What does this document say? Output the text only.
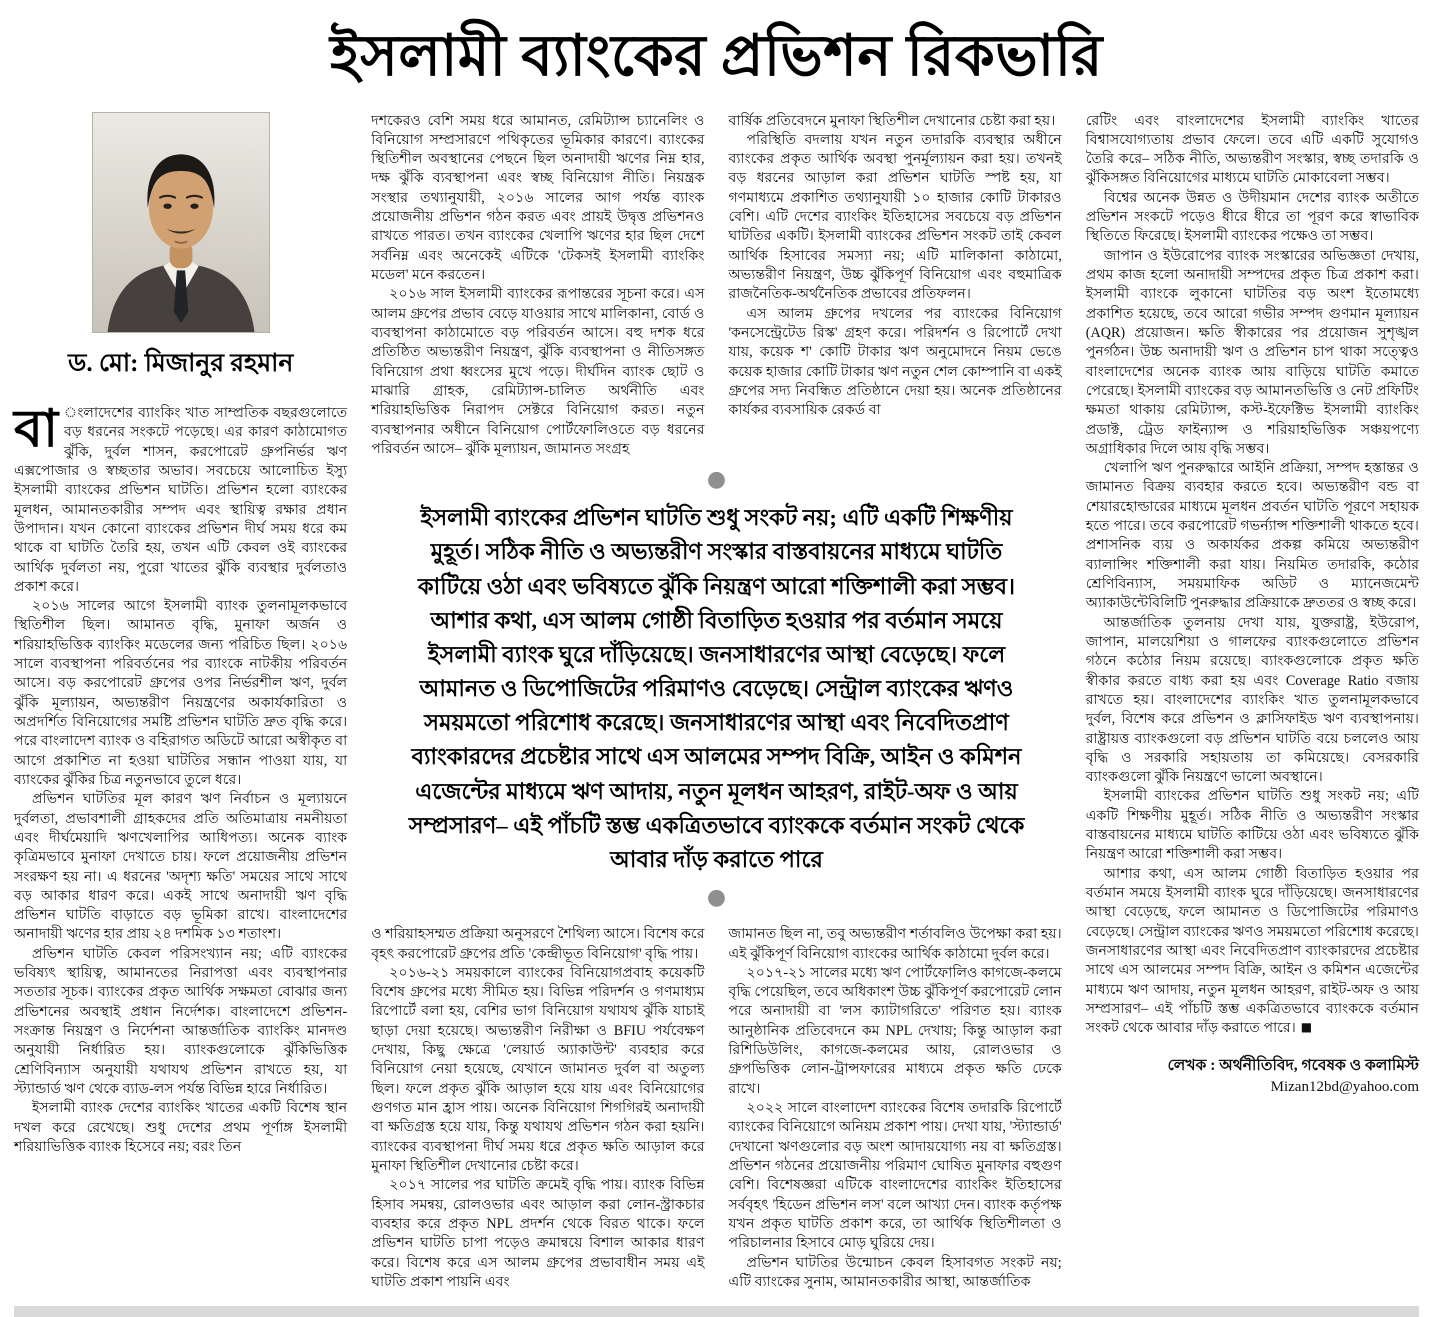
ইসলামী ব্যাংকের প্রভিশন রিকভারি
ড. মো: মিজানুর রহমান

বা ংলাদেশের ব্যাংকিং খাত সাম্প্রতিক বছরগুলোতে বড় ধরনের সংকটে পড়েছে। এর কারণ কাঠামোগত ঝুঁকি, দুর্বল শাসন, করপোরেট গ্রুপনির্ভর ঋণ এক্সপোজার ও স্বচ্ছতার অভাব। সবচেয়ে আলোচিত ইস্যু ইসলামী ব্যাংকের প্রভিশন ঘাটতি। প্রভিশন হলো ব্যাংকের মূলধন, আমানতকারীর সম্পদ এবং স্থায়িত্ব রক্ষার প্রধান উপাদান। যখন কোনো ব্যাংকের প্রভিশন দীর্ঘ সময় ধরে কম থাকে বা ঘাটতি তৈরি হয়, তখন এটি কেবল ওই ব্যাংকের আর্থিক দুর্বলতা নয়, পুরো খাতের ঝুঁকি ব্যবস্থার দুর্বলতাও প্রকাশ করে।

২০১৬ সালের আগে ইসলামী ব্যাংক তুলনামূলকভাবে স্থিতিশীল ছিল। আমানত বৃদ্ধি, মুনাফা অর্জন ও শরিয়াহভিত্তিক ব্যাংকিং মডেলের জন্য পরিচিত ছিল। ২০১৬ সালে ব্যবস্থাপনা পরিবর্তনের পর ব্যাংকে নাটকীয় পরিবর্তন আসে। বড় করপোরেট গ্রুপের ওপর নির্ভরশীল ঋণ, দুর্বল ঝুঁকি মূল্যায়ন, অভ্যন্তরীণ নিয়ন্ত্রণের অকার্যকারিতা ও অপ্রদর্শিত বিনিয়োগের সমষ্টি প্রভিশন ঘাটতি দ্রুত বৃদ্ধি করে। পরে বাংলাদেশ ব্যাংক ও বহিরাগত অডিটে আরো অস্বীকৃত বা আগে প্রকাশিত না হওয়া ঘাটতির সন্ধান পাওয়া যায়, যা ব্যাংকের ঝুঁকির চিত্র নতুনভাবে তুলে ধরে।

প্রভিশন ঘাটতির মূল কারণ ঋণ নির্বাচন ও মূল্যায়নে দুর্বলতা, প্রভাবশালী গ্রাহকদের প্রতি অতিমাত্রায় নমনীয়তা এবং দীর্ঘমেয়াদি ঋণখেলাপির আধিপত্য। অনেক ব্যাংক কৃত্রিমভাবে মুনাফা দেখাতে চায়। ফলে প্রয়োজনীয় প্রভিশন সংরক্ষণ হয় না। এ ধরনের 'অদৃশ্য ক্ষতি' সময়ের সাথে সাথে বড় আকার ধারণ করে। একই সাথে অনাদায়ী ঋণ বৃদ্ধি প্রভিশন ঘাটতি বাড়াতে বড় ভূমিকা রাখে। বাংলাদেশের অনাদায়ী ঋণের হার প্রায় ২৪ দশমিক ১৩ শতাংশ।

প্রভিশন ঘাটতি কেবল পরিসংখ্যান নয়; এটি ব্যাংকের ভবিষ্যৎ স্থায়িত্ব, আমানতের নিরাপত্তা এবং ব্যবস্থাপনার সততার সূচক। ব্যাংকের প্রকৃত আর্থিক সক্ষমতা বোঝার জন্য প্রভিশনের অবস্থাই প্রধান নির্দেশক। বাংলাদেশে প্রভিশন-সংক্রান্ত নিয়ন্ত্রণ ও নির্দেশনা আন্তর্জাতিক ব্যাংকিং মানদণ্ড অনুযায়ী নির্ধারিত হয়। ব্যাংকগুলোকে ঝুঁকিভিত্তিক শ্রেণিবিন্যাস অনুযায়ী যথাযথ প্রভিশন রাখতে হয়, যা স্ট্যান্ডার্ড ঋণ থেকে ব্যাড-লস পর্যন্ত বিভিন্ন হারে নির্ধারিত।

ইসলামী ব্যাংক দেশের ব্যাংকিং খাতের একটি বিশেষ স্থান দখল করে রেখেছে। শুধু দেশের প্রথম পূর্ণাঙ্গ ইসলামী শরিয়াভিত্তিক ব্যাংক হিসেবে নয়; বরং তিন

দশকেরও বেশি সময় ধরে আমানত, রেমিট্যান্স চ্যানেলিং ও বিনিয়োগ সম্প্রসারণে পথিকৃতের ভূমিকার কারণে। ব্যাংকের স্থিতিশীল অবস্থানের পেছনে ছিল অনাদায়ী ঋণের নিম্ন হার, দক্ষ ঝুঁকি ব্যবস্থাপনা এবং স্বচ্ছ বিনিয়োগ নীতি। নিয়ন্ত্রক সংস্থার তথ্যানুযায়ী, ২০১৬ সালের আগ পর্যন্ত ব্যাংক প্রয়োজনীয় প্রভিশন গঠন করত এবং প্রায়ই উদ্বৃত্ত প্রভিশনও রাখতে পারত। তখন ব্যাংকের খেলাপি ঋণের হার ছিল দেশে সর্বনিম্ন এবং অনেকেই এটিকে 'টেকসই ইসলামী ব্যাংকিং মডেল' মনে করতেন।

২০১৬ সাল ইসলামী ব্যাংকের রূপান্তরের সূচনা করে। এস আলম গ্রুপের প্রভাব বেড়ে যাওয়ার সাথে মালিকানা, বোর্ড ও ব্যবস্থাপনা কাঠামোতে বড় পরিবর্তন আসে। বহু দশক ধরে প্রতিষ্ঠিত অভ্যন্তরীণ নিয়ন্ত্রণ, ঝুঁকি ব্যবস্থাপনা ও নীতিসঙ্গত বিনিয়োগ প্রথা ধ্বংসের মুখে পড়ে। দীর্ঘদিন ব্যাংক ছোট ও মাঝারি গ্রাহক, রেমিট্যান্স-চালিত অর্থনীতি এবং শরিয়াহভিত্তিক নিরাপদ সেক্টরে বিনিয়োগ করত। নতুন ব্যবস্থাপনার অধীনে বিনিয়োগ পোর্টফোলিওতে বড় ধরনের পরিবর্তন আসে– ঝুঁকি মূল্যায়ন, জামানত সংগ্রহ

বার্ষিক প্রতিবেদনে মুনাফা স্থিতিশীল দেখানোর চেষ্টা করা হয়।

পরিস্থিতি বদলায় যখন নতুন তদারকি ব্যবস্থার অধীনে ব্যাংকের প্রকৃত আর্থিক অবস্থা পুনর্মূল্যায়ন করা হয়। তখনই বড় ধরনের আড়াল করা প্রভিশন ঘাটতি স্পষ্ট হয়, যা গণমাধ্যমে প্রকাশিত তথ্যানুযায়ী ১০ হাজার কোটি টাকারও বেশি। এটি দেশের ব্যাংকিং ইতিহাসের সবচেয়ে বড় প্রভিশন ঘাটতির একটি। ইসলামী ব্যাংকের প্রভিশন সংকট তাই কেবল আর্থিক হিসাবের সমস্যা নয়; এটি মালিকানা কাঠামো, অভ্যন্তরীণ নিয়ন্ত্রণ, উচ্চ ঝুঁকিপূর্ণ বিনিয়োগ এবং বহুমাত্রিক রাজনৈতিক-অর্থনৈতিক প্রভাবের প্রতিফলন।

এস আলম গ্রুপের দখলের পর ব্যাংকের বিনিয়োগ 'কনসেন্ট্রেটেড রিস্ক' গ্রহণ করে। পরিদর্শন ও রিপোর্টে দেখা যায়, কয়েক শ' কোটি টাকার ঋণ অনুমোদনে নিয়ম ভেঙে কয়েক হাজার কোটি টাকার ঋণ নতুন শেল কোম্পানি বা একই গ্রুপের সদ্য নিবন্ধিত প্রতিষ্ঠানে দেয়া হয়। অনেক প্রতিষ্ঠানের কার্যকর ব্যবসায়িক রেকর্ড বা

●
ইসলামী ব্যাংকের প্রভিশন ঘাটতি শুধু সংকট নয়; এটি একটি শিক্ষণীয় মুহূর্ত। সঠিক নীতি ও অভ্যন্তরীণ সংস্কার বাস্তবায়নের মাধ্যমে ঘাটতি কাটিয়ে ওঠা এবং ভবিষ্যতে ঝুঁকি নিয়ন্ত্রণ আরো শক্তিশালী করা সম্ভব। আশার কথা, এস আলম গোষ্ঠী বিতাড়িত হওয়ার পর বর্তমান সময়ে ইসলামী ব্যাংক ঘুরে দাঁড়িয়েছে। জনসাধারণের আস্থা বেড়েছে। ফলে আমানত ও ডিপোজিটের পরিমাণও বেড়েছে। সেন্ট্রাল ব্যাংকের ঋণও সময়মতো পরিশোধ করেছে। জনসাধারণের আস্থা এবং নিবেদিতপ্রাণ ব্যাংকারদের প্রচেষ্টার সাথে এস আলমের সম্পদ বিক্রি, আইন ও কমিশন এজেন্টের মাধ্যমে ঋণ আদায়, নতুন মূলধন আহরণ, রাইট-অফ ও আয় সম্প্রসারণ– এই পাঁচটি স্তম্ভ একত্রিতভাবে ব্যাংককে বর্তমান সংকট থেকে আবার দাঁড় করাতে পারে
●

ও শরিয়াহসম্মত প্রক্রিয়া অনুসরণে শৈথিল্য আসে। বিশেষ করে বৃহৎ করপোরেট গ্রুপের প্রতি 'কেন্দ্রীভূত বিনিয়োগ' বৃদ্ধি পায়।

২০১৬-২১ সময়কালে ব্যাংকের বিনিয়োগপ্রবাহ কয়েকটি বিশেষ গ্রুপের মধ্যে সীমিত হয়। বিভিন্ন পরিদর্শন ও গণমাধ্যম রিপোর্টে বলা হয়, বেশির ভাগ বিনিয়োগ যথাযথ ঝুঁকি যাচাই ছাড়া দেয়া হয়েছে। অভ্যন্তরীণ নিরীক্ষা ও BFIU পর্যবেক্ষণ দেখায়, কিছু ক্ষেত্রে 'লেয়ার্ড অ্যাকাউন্ট' ব্যবহার করে বিনিয়োগ নেয়া হয়েছে, যেখানে জামানত দুর্বল বা অতুল্য ছিল। ফলে প্রকৃত ঝুঁকি আড়াল হয়ে যায় এবং বিনিয়োগের গুণগত মান হ্রাস পায়। অনেক বিনিয়োগ শিগগিরই অনাদায়ী বা ক্ষতিগ্রস্ত হয়ে যায়, কিন্তু যথাযথ প্রভিশন গঠন করা হয়নি। ব্যাংকের ব্যবস্থাপনা দীর্ঘ সময় ধরে প্রকৃত ক্ষতি আড়াল করে মুনাফা স্থিতিশীল দেখানোর চেষ্টা করে।

২০১৭ সালের পর ঘাটতি ক্রমেই বৃদ্ধি পায়। ব্যাংক বিভিন্ন হিসাব সমন্বয়, রোলওভার এবং আড়াল করা লোন-স্ট্রাকচার ব্যবহার করে প্রকৃত NPL প্রদর্শন থেকে বিরত থাকে। ফলে প্রভিশন ঘাটতি চাপা পড়েও ক্রমান্বয়ে বিশাল আকার ধারণ করে। বিশেষ করে এস আলম গ্রুপের প্রভাবাধীন সময় এই ঘাটতি প্রকাশ পায়নি এবং

জামানত ছিল না, তবু অভ্যন্তরীণ শর্তাবলিও উপেক্ষা করা হয়। এই ঝুঁকিপূর্ণ বিনিয়োগ ব্যাংকের আর্থিক কাঠামো দুর্বল করে।

২০১৭-২১ সালের মধ্যে ঋণ পোর্টফোলিও কাগজে-কলমে বৃদ্ধি পেয়েছিল, তবে অধিকাংশ উচ্চ ঝুঁকিপূর্ণ করপোরেট লোন পরে অনাদায়ী বা 'লস ক্যাটাগরিতে' পরিণত হয়। ব্যাংক আনুষ্ঠানিক প্রতিবেদনে কম NPL দেখায়; কিন্তু আড়াল করা রিশিডিউলিং, কাগজে-কলমের আয়, রোলওভার ও গ্রুপভিত্তিক লোন-ট্রান্সফারের মাধ্যমে প্রকৃত ক্ষতি ঢেকে রাখে।

২০২২ সালে বাংলাদেশ ব্যাংকের বিশেষ তদারকি রিপোর্টে ব্যাংকের বিনিয়োগে অনিয়ম প্রকাশ পায়। দেখা যায়, 'স্ট্যান্ডার্ড' দেখানো ঋণগুলোর বড় অংশ আদায়যোগ্য নয় বা ক্ষতিগ্রস্ত। প্রভিশন গঠনের প্রয়োজনীয় পরিমাণ ঘোষিত মুনাফার বহুগুণ বেশি। বিশেষজ্ঞরা এটিকে বাংলাদেশের ব্যাংকিং ইতিহাসের সর্ববৃহৎ 'হিডেন প্রভিশন লস' বলে আখ্যা দেন। ব্যাংক কর্তৃপক্ষ যখন প্রকৃত ঘাটতি প্রকাশ করে, তা আর্থিক স্থিতিশীলতা ও পরিচালনার হিসাবে মোড় ঘুরিয়ে দেয়।

প্রভিশন ঘাটতির উন্মোচন কেবল হিসাবগত সংকট নয়; এটি ব্যাংকের সুনাম, আমানতকারীর আস্থা, আন্তর্জাতিক

রেটিং এবং বাংলাদেশের ইসলামী ব্যাংকিং খাতের বিশ্বাসযোগ্যতায় প্রভাব ফেলে। তবে এটি একটি সুযোগও তৈরি করে– সঠিক নীতি, অভ্যন্তরীণ সংস্কার, স্বচ্ছ তদারকি ও ঝুঁকিসঙ্গত বিনিয়োগের মাধ্যমে ঘাটতি মোকাবেলা সম্ভব।

বিশ্বের অনেক উন্নত ও উদীয়মান দেশের ব্যাংক অতীতে প্রভিশন সংকটে পড়েও ধীরে ধীরে তা পূরণ করে স্বাভাবিক স্থিতিতে ফিরেছে। ইসলামী ব্যাংকের পক্ষেও তা সম্ভব।

জাপান ও ইউরোপের ব্যাংক সংস্কারের অভিজ্ঞতা দেখায়, প্রথম কাজ হলো অনাদায়ী সম্পদের প্রকৃত চিত্র প্রকাশ করা। ইসলামী ব্যাংকে লুকানো ঘাটতির বড় অংশ ইতোমধ্যে প্রকাশিত হয়েছে, তবে আরো গভীর সম্পদ গুণমান মূল্যায়ন (AQR) প্রয়োজন। ক্ষতি স্বীকারের পর প্রয়োজন সুশৃঙ্খল পুনর্গঠন। উচ্চ অনাদায়ী ঋণ ও প্রভিশন চাপ থাকা সত্ত্বেও বাংলাদেশের অনেক ব্যাংক আয় বাড়িয়ে ঘাটতি কমাতে পেরেছে। ইসলামী ব্যাংকের বড় আমানতভিত্তি ও নেট প্রফিটিং ক্ষমতা থাকায় রেমিট্যান্স, কস্ট-ইফেক্টিভ ইসলামী ব্যাংকিং প্রডাক্ট, ট্রেড ফাইন্যান্স ও শরিয়াহভিত্তিক সঞ্চয়পণ্যে অগ্রাধিকার দিলে আয় বৃদ্ধি সম্ভব।

খেলাপি ঋণ পুনরুদ্ধারে আইনি প্রক্রিয়া, সম্পদ হস্তান্তর ও জামানত বিক্রয় ব্যবহার করতে হবে। অভ্যন্তরীণ বন্ড বা শেয়ারহোল্ডারের মাধ্যমে মূলধন প্রবর্তন ঘাটতি পূরণে সহায়ক হতে পারে। তবে করপোরেট গভর্ন্যান্স শক্তিশালী থাকতে হবে। প্রশাসনিক ব্যয় ও অকার্যকর প্রকল্প কমিয়ে অভ্যন্তরীণ ব্যালান্সিং শক্তিশালী করা যায়। নিয়মিত তদারকি, কঠোর শ্রেণিবিন্যাস, সময়মাফিক অডিট ও ম্যানেজমেন্ট অ্যাকাউন্টেবিলিটি পুনরুদ্ধার প্রক্রিয়াকে দ্রুততর ও স্বচ্ছ করে।

আন্তর্জাতিক তুলনায় দেখা যায়, যুক্তরাষ্ট্র, ইউরোপ, জাপান, মালয়েশিয়া ও গালফের ব্যাংকগুলোতে প্রভিশন গঠনে কঠোর নিয়ম রয়েছে। ব্যাংকগুলোকে প্রকৃত ক্ষতি স্বীকার করতে বাধ্য করা হয় এবং Coverage Ratio বজায় রাখতে হয়। বাংলাদেশের ব্যাংকিং খাত তুলনামূলকভাবে দুর্বল, বিশেষ করে প্রভিশন ও ক্লাসিফাইড ঋণ ব্যবস্থাপনায়। রাষ্ট্রায়ত্ত ব্যাংকগুলো বড় প্রভিশন ঘাটতি বয়ে চললেও আয় বৃদ্ধি ও সরকারি সহায়তায় তা কমিয়েছে। বেসরকারি ব্যাংকগুলো ঝুঁকি নিয়ন্ত্রণে ভালো অবস্থানে।

ইসলামী ব্যাংকের প্রভিশন ঘাটতি শুধু সংকট নয়; এটি একটি শিক্ষণীয় মুহূর্ত। সঠিক নীতি ও অভ্যন্তরীণ সংস্কার বাস্তবায়নের মাধ্যমে ঘাটতি কাটিয়ে ওঠা এবং ভবিষ্যতে ঝুঁকি নিয়ন্ত্রণ আরো শক্তিশালী করা সম্ভব।

আশার কথা, এস আলম গোষ্ঠী বিতাড়িত হওয়ার পর বর্তমান সময়ে ইসলামী ব্যাংক ঘুরে দাঁড়িয়েছে। জনসাধারণের আস্থা বেড়েছে, ফলে আমানত ও ডিপোজিটের পরিমাণও বেড়েছে। সেন্ট্রাল ব্যাংকের ঋণও সময়মতো পরিশোধ করেছে। জনসাধারণের আস্থা এবং নিবেদিতপ্রাণ ব্যাংকারদের প্রচেষ্টার সাথে এস আলমের সম্পদ বিক্রি, আইন ও কমিশন এজেন্টের মাধ্যমে ঋণ আদায়, নতুন মূলধন আহরণ, রাইট-অফ ও আয় সম্প্রসারণ– এই পাঁচটি স্তম্ভ একত্রিতভাবে ব্যাংককে বর্তমান সংকট থেকে আবার দাঁড় করাতে পারে। ■

লেখক : অর্থনীতিবিদ, গবেষক ও কলামিস্ট
Mizan12bd@yahoo.com
